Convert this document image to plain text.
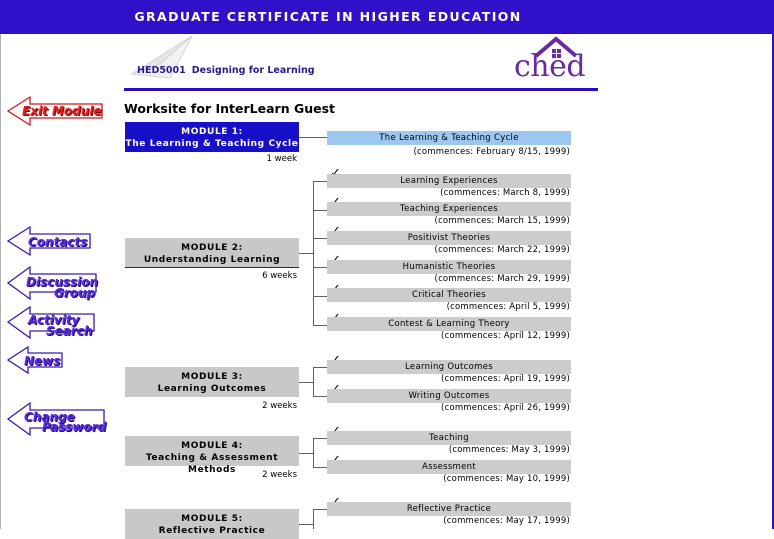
GRADUATE CERTIFICATE IN HIGHER EDUCATION
Exit Module
Contacts
Discussion
Group
Activity
Search
News
Change
Password
HED5001 Designing for Learning	ched
Worksite for InterLearn Guest
MODULE 1:
The Learning & Teaching Cycle
1 week
MODULE 2:
Understanding Learning
6 weeks
MODULE 3:
Learning Outcomes
2 weeks
MODULE 4:
Teaching & Assessment Methods	2 weeks
MODULE 5:
Reflective Practice
The Learning & Teaching Cycle
(commences: February 8/15, 1999)
Learning Experiences
(commences: March 8, 1999)
Teaching Experiences
(commences: March 15, 1999)
Positivist Theories
(commences: March 22, 1999)
Humanistic Theories
(commences: March 29, 1999)
Critical Theories
(commences: April 5, 1999)
Contest & Learning Theory
(commences: April 12, 1999)
Learning Outcomes
(commences: April 19, 1999)
Writing Outcomes
(commences: April 26, 1999)
Teaching
(commences: May 3, 1999)
Assessment
(commences: May 10, 1999)
Reflective Practice
(commences: May 17, 1999)
